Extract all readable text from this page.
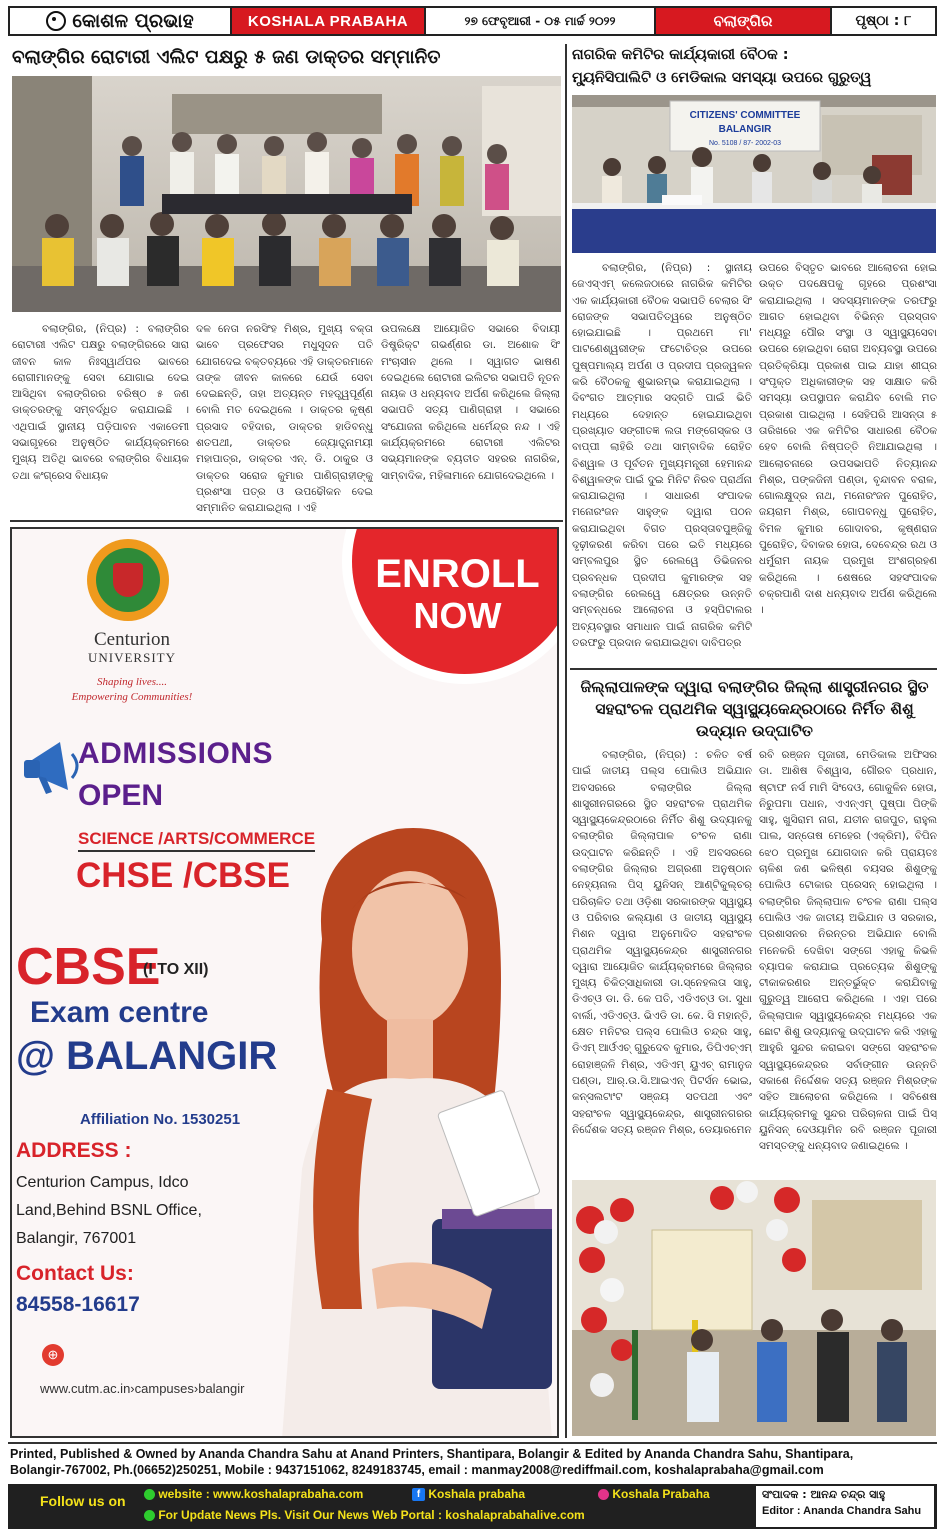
କୋଶଳ ପ୍ରଭାହ	KOSHALA PRABAHA	୨୭ ଫେବୃଆରୀ - ୦୫ ମାର୍ଚ୍ଚ ୨୦୨୨	ବଲାଙ୍ଗିର	ପୃଷ୍ଠା : ୮
ବଲାଙ୍ଗିର ରୋଟାରୀ ଏଲିଟ ପକ୍ଷରୁ ୫ ଜଣ ଡାକ୍ତର ସମ୍ମାନିତ
ବଲାଙ୍ଗିର, (ନିପ୍ର) : ବଲାଙ୍ଗିର ରୋଟାରୀ ଏଲିଟ ପକ୍ଷରୁ ବଲାଙ୍ଗିରରେ ସାରା ଜୀବନ କାଳ ନିଃସ୍ୱାର୍ଥପର ଭାବରେ ରୋଗୀମାନଙ୍କୁ ସେବା ଯୋଗାଇ ଦେଇ ଆସିଥିବା ବଲାଙ୍ଗିରର ବରିଷ୍ଠ ୫ ଜଣ ଡାକ୍ତରଙ୍କୁ ସମ୍ବର୍ଦ୍ଧିତ କରାଯାଇଛି । ଏଥିପାଇଁ ସ୍ଥାନୀୟ ପଡ଼ିପାବନ ଏକାଡେମୀ ସଭାଗୃହରେ ଅନୁଷ୍ଠିତ କାର୍ଯ୍ୟକ୍ରମରେ ମୁଖ୍ୟ ଅତିଥି ଭାବରେ ବଲାଙ୍ଗିର ବିଧାୟକ ତଥା କଂଗ୍ରେସ ବିଧାୟକ
ଦଳ ନେତା ନରସିଂହ ମିଶ୍ର, ମୁଖ୍ୟ ବକ୍ତା ଭାବେ ପ୍ରଫେସର ମଧୁସୂଦନ ପତି ଯୋଗଦେଇ ବକ୍ତବ୍ୟରେ ଏହି ଡାକ୍ତରମାନେ ତାଙ୍କ ଜୀବନ କାଳରେ ଯେଉଁ ସେବା ଦେଇଛନ୍ତି, ତାହା ଅତ୍ୟନ୍ତ ମହତ୍ତ୍ୱପୂର୍ଣ୍ଣ ବୋଲି ମତ ଦେଇଥିଲେ । ଡାକ୍ତର କୃଷ୍ଣ ପ୍ରସାଦ ବହିଦାର, ଡାକ୍ତର ହାଡିବନ୍ଧୁ ଶତପଥୀ, ଡାକ୍ତର ଜ୍ୟୋତ୍ସ୍ନାମୟୀ ମହାପାତ୍ର, ଡାକ୍ତର ଏନ୍. ଡି. ଠାକୁର ଓ ଡାକ୍ତର ସରୋଜ କୁମାର ପାଣିଗ୍ରାହୀଙ୍କୁ ପ୍ରଶଂସା ପତ୍ର ଓ ଉପଢୌକନ ଦେଇ ସମ୍ମାନିତ କରାଯାଇଥିଲା । ଏହି
ଉପଲକ୍ଷେ ଆୟୋଜିତ ସଭାରେ ବିଦାୟୀ ଡିଷ୍ଟ୍ରିକ୍ଟ ଗଭର୍ଣ୍ଣର ଡା. ଅଶୋକ ସିଂ ମଂଚାସୀନ ଥିଲେ । ସ୍ୱାଗତ ଭାଷଣ ଦେଇଥିଲେ ରୋଟାରୀ ଇଲିଟର ସଭାପତି ନୂତନ ନାୟକ ଓ ଧନ୍ୟବାଦ ଅର୍ପଣ କରିଥିଲେ ଜିଲ୍ଲା ସଭାପତି ସତ୍ୟ ପାଣିଗ୍ରାହୀ । ସଭାରେ ସଂଯୋଜନା କରିଥିଲେ ଧର୍ମେନ୍ଦ୍ର ନନ୍ଦ । ଏହି କାର୍ଯ୍ୟକ୍ରମରେ ରୋଟାରୀ ଏଲିଟର ସଭ୍ୟମାନଙ୍କ ବ୍ୟତୀତ ସହରର ନାଗରିକ, ସାମ୍ବାଦିକ, ମହିଳାମାନେ ଯୋଗଦେଇଥିଲେ ।
ନାଗରିକ କମିଟିର କାର୍ଯ୍ୟକାରୀ ବୈଠକ :
ମ୍ୟୁନିସିପାଲିଟି ଓ ମେଡିକାଲ ସମସ୍ୟା ଉପରେ ଗୁରୁତ୍ୱ
CITIZENS' COMMITTEE
BALANGIR
No. 5108 / 87- 2002-03
ବଲାଙ୍ଗିର, (ନିପ୍ର) : ସ୍ଥାନୀୟ ଜେଏସ୍ଏମ୍ କଲେଜଠାରେ ନାଗରିକ କମିଟିର ଏକ କାର୍ଯ୍ୟକାରୀ ବୈଠକ ସଭାପତି ବେଲାର ସିଂ ରୋଜଙ୍କ ସଭାପତିତ୍ୱରେ ଅନୁଷ୍ଠିତ ହୋଇଯାଇଛି । ପ୍ରଥମେ ମା' ପାଟଣେଶ୍ୱରୀଙ୍କ ଫଟୋଚିତ୍ର ଉପରେ ପୁଷ୍ପମାଲ୍ୟ ଅର୍ପଣ ଓ ପ୍ରଦୀପ ପ୍ରଜ୍ୱଳନ କରି ବୈଠକକୁ ଶୁଭାରମ୍ଭ କରାଯାଇଥିଲା । ଦିବଂଗତ ଆତ୍ମାର ସଦ୍‌ଗତି ପାଇଁ ଭିତି ମଧ୍ୟରେ ଦେହାନ୍ତ ହୋଇଯାଇଥିବା ପ୍ରଖ୍ୟାତ ସଙ୍ଗୀତଜ୍ଞ ଲତା ମଙ୍ଗେସ୍କର ଓ ବାପ୍ପୀ ଲାହିରି ତଥା ସାମ୍ବାଦିକ ରୋହିତ ବିଶ୍ୱାଳ ଓ ପୂର୍ବତନ ମୁଖ୍ୟମନ୍ତ୍ରୀ ହେମାନନ୍ଦ ବିଶ୍ୱାଳଙ୍କ ପାଇଁ ଦୁଇ ମିନିଟ ନିରବ ପ୍ରାର୍ଥନା କରାଯାଇଥିଲା । ସାଧାରଣ ସଂପାଦକ ମନୋରଂଜନ ସାହୁଙ୍କ ଦ୍ୱାରା ପଠନ କରାଯାଇଥିବା ବିଗତ ପ୍ରସ୍ତାବପୁଞ୍ଜିକୁ ଦୃଢ଼ୀକରଣ କରିବା ପରେ ଇତି ମଧ୍ୟରେ ସମ୍ବଲପୁର ସ୍ଥିତ ରେଲୱେ ଡିଭିଜନର ପ୍ରବନ୍ଧକ ପ୍ରଦୀପ କୁମାରଙ୍କ ସହ ବଲାଙ୍ଗିର ରେଲୱେ କ୍ଷେତ୍ରର ଉନ୍ନତି ସମ୍ବନ୍ଧରେ ଆଲୋଚନା ଓ ହସ୍ପିଟାଲର ଅବ୍ୟବସ୍ଥାର ସମାଧାନ ପାଇଁ ନାଗରିକ କମିଟି ତରଫରୁ ପ୍ରଦାନ କରାଯାଇଥିବା ଦାବିପତ୍ର
ଉପରେ ବିସ୍ତୃତ ଭାବରେ ଆଲୋଚନା ହୋଇ ଉକ୍ତ ପଦକ୍ଷେପକୁ ଗୃହରେ ପ୍ରଶଂସା କରାଯାଇଥିଲା । ସଦସ୍ୟମାନଙ୍କ ତରଫରୁ ଆଗତ ହୋଇଥିବା ବିଭିନ୍ନ ପ୍ରସ୍ତାବ ମଧ୍ୟରୁ ପୌର ସଂସ୍ଥା ଓ ସ୍ୱାସ୍ଥ୍ୟସେବା ଉପରେ ହୋଇଥିବା ରୋଗ ଅବ୍ୟବସ୍ଥା ଉପରେ ପ୍ରତିକ୍ରିୟା ପ୍ରକାଶ ପାଇ ଯାହା ଶୀଘ୍ର ସଂପୃକ୍ତ ଅଧିକାରୀଙ୍କ ସହ ସାକ୍ଷାତ କରି ସମସ୍ୟା ଉପସ୍ଥାପନ କରାଯିବ ବୋଲି ମତ ପ୍ରକାଶ ପାଇଥିଲା । ସେହିପରି ଆସନ୍ତା ୫ ତାରିଖରେ ଏକ କମିଟିର ସାଧାରଣ ବୈଠକ ହେବ ବୋଲି ନିଷ୍ପତ୍ତି ନିଆଯାଇଥିଲା । ଆଲୋଚନାରେ ଉପସଭାପତି ନିତ୍ୟାନନ୍ଦ ମିଶ୍ର, ପଙ୍କଜିନୀ ପଣ୍ଡା, ବୃନ୍ଦାବନ ବରାଳ, ଗୋଲକ୍ଷୁଦ୍ର ନାଥ, ମନୋରଂଜନ ପୁରୋହିତ, ଜୟରାମ ମିଶ୍ର, ଗୋପବନ୍ଧୁ ପୁରୋହିତ, ବିମଳ କୁମାର ଗୋଦାବର, କୃଷ୍ଣରାଜ ପୁରୋହିତ, ଦିବାକର ହୋତା, ଦେବେନ୍ଦ୍ର ରଥ ଓ ଧର୍ମୁରାମ ନାୟକ ପ୍ରମୁଖ ଅଂଶଗ୍ରହଣ କରିଥିଲେ । ଶେଷରେ ସହସଂପାଦକ ଚକ୍ରପାଣି ଦାଶ ଧନ୍ୟବାଦ ଅର୍ପଣ କରିଥିଲେ ।
ଜିଲ୍ଲାପାଳଙ୍କ ଦ୍ୱାରା ବଲାଙ୍ଗିର ଜିଲ୍ଲା ଶାସ୍ତ୍ରୀନଗର ସ୍ଥିତ ସହରାଂଚଳ ପ୍ରାଥମିକ ସ୍ୱାସ୍ଥ୍ୟକେନ୍ଦ୍ରଠାରେ ନିର୍ମିତ ଶିଶୁ ଉଦ୍ୟାନ ଉଦ୍‌ଘାଟିତ
ବଲାଙ୍ଗିର, (ନିପ୍ର) : ଚଳିତ ବର୍ଷ ପାଇଁ ଜାତୀୟ ପଲ୍ସ ପୋଲିଓ ଅଭିଯାନ ଅବସରରେ ବଲାଙ୍ଗିର ଜିଲ୍ଲା ଶାସ୍ତ୍ରୀନଗରରେ ସ୍ଥିତ ସହରାଂଚଳ ପ୍ରାଥମିକ ସ୍ୱାସ୍ଥ୍ୟକେନ୍ଦ୍ରଠାରେ ନିର୍ମିତ ଶିଶୁ ଉଦ୍ୟାନକୁ ବଲାଙ୍ଗିର ଜିଲ୍ଲାପାଳ ଚଂଚଳ ରାଣା ଉଦ୍‌ଘାଟନ କରିଛନ୍ତି । ଏହି ଅବସରରେ ବଲାଙ୍ଗିର ଜିଲ୍ଲାର ଅଗ୍ରଣୀ ଅନୁଷ୍ଠାନ ନେହ୍ୟନାଲ ପିସ୍ ୟୁନିସନ୍ ଆଣ୍ଟିକୁଲ୍ଚର୍ ପରିଚାଳିତ ତଥା ଓଡ଼ିଶା ସରକାରଙ୍କ ସ୍ୱାସ୍ଥ୍ୟ ଓ ପରିବାର କଲ୍ୟାଣ ଓ ଜାତୀୟ ସ୍ୱାସ୍ଥ୍ୟ ମିଶନ ଦ୍ୱାରା ଅନୁମୋଦିତ ସହରାଂଚଳ ପ୍ରାଥମିକ ସ୍ୱାସ୍ଥ୍ୟକେନ୍ଦ୍ର ଶାସ୍ତ୍ରୀନଗର ଦ୍ୱାରା ଆୟୋଜିତ କାର୍ଯ୍ୟକ୍ରମରେ ଜିଲ୍ଲାର ମୁଖ୍ୟ ଚିକିତ୍ସାଧିକାରୀ ଡା.ସ୍ନେହଲତା ସାହୁ, ଡିଏଚ୍ଓ ଡା. ଡି. କେ ପତି, ଏଡିଏଚ୍ଓ ଡା. ସୁଧା ବାର୍ଲା, ଏଡିଏଚ୍ଓ. ଭିଏଡି ଡା. କେ. ସି ମହାନ୍ତି, କ୍ଷେତ ମନିଟର ପଲ୍ସ ପୋଲିଓ ଚନ୍ଦ୍ର ସାହୁ, ଡିଏମ୍ ଆର୍ଓଏଚ୍ ଗୁରୁଦେବ କୁମାର, ଡିପିଏଚ୍ଏମ୍ ରୋହାଞ୍ଜଳି ମିଶ୍ର, ଏଡିଏମ୍ ୟୁଏଚ୍ ରାମାନୁଜ ପଣ୍ଡା, ଆର୍.ଉ.ସି.ଆଇଏନ୍ ପିଟର୍ସନ ଭୋଇ, କନ୍ସଲଟାଂଟ ସଞ୍ଜୟ ସତପଥୀ ଏବଂ ସହରାଂଚଳ ସ୍ୱାସ୍ଥ୍ୟକେନ୍ଦ୍ର, ଶାସ୍ତ୍ରୀନଗରର ନିର୍ଦ୍ଦେଶକ ସତ୍ୟ ରଞ୍ଜନ ମିଶ୍ର, ଡେୟାରମେନ
ରବି ରଞ୍ଜନ ପୂଜାରୀ, ମେଡିକାଲ ଅଫିସର ଡା. ଆଶିଷ ବିଶ୍ୱାସ, ଗୌରବ ପ୍ରଧାନ, ଷ୍ଟାଫ ନର୍ସ ମାମି ସିଂଦେଓ, ଗୋକୁଳିନ ହୋତା, ନିରୁପମା ପଧାନ, ଏଏନ୍ଏମ୍ ପୁଷ୍ପା ପିଙ୍କି ସାହୁ, ଖୁସିରାମ ନାଗ, ଯତୀନ ରାଜପୁତ, ରାହୁଲ ପାଲ, ସନ୍ତୋଷ ମେହେର (ଏକ୍ରିମ), ବିପିନ ଝେଠ ପ୍ରମୁଖ ଯୋଗଦାନ କରି ପ୍ରାୟତଃ ଚାଳିଶ ଜଣ ଭଳିଷ୍ଣ ବୟସର ଶିଶୁଙ୍କୁ ପୋଲିଓ ଟୋକାର ପ୍ରେସନ୍ ହୋଇଥିଲା । ବଲାଙ୍ଗିର ଜିଲ୍ଲାପାଳ ଚଂଚଳ ରାଣା ପଲ୍ସ ପୋଲିଓ ଏକ ଜାତୀୟ ଅଭିଯାନ ଓ ସରକାର, ପ୍ରଶାସନର ନିରନ୍ତର ଅଭିଯାନ ବୋଲି ମନେକରି ଦେଖିବା ସଙ୍ଗେ ଏହାକୁ କିଭଳି ବ୍ୟାପକ କରାଯାଇ ପ୍ରତ୍ୟେକ ଶିଶୁଙ୍କୁ ଟୀକାକରଣର ଅନ୍ତର୍ଭୁକ୍ତ କରାଯିବାକୁ ଗୁରୁତ୍ୱ ଆରୋପ କରିଥିଲେ । ଏହା ପରେ ଜିଲ୍ଲାପାଳ ସ୍ୱାସ୍ଥ୍ୟକେନ୍ଦ୍ର ମଧ୍ୟରେ ଏକ ଛୋଟ ଶିଶୁ ଉଦ୍ୟାନକୁ ଉଦ୍‌ଘାଟନ କରି ଏହାକୁ ଆହୁରି ସୁନ୍ଦର କରାଇବା ସଙ୍ଗେ ସହରାଂଚଳ ସ୍ୱାସ୍ଥ୍ୟକେନ୍ଦ୍ରର ସର୍ବାଙ୍ଗୀନ ଉନ୍ନତି ସକାଶେ ନିର୍ଦ୍ଦେଶକ ସତ୍ୟ ରଞ୍ଜନ ମିଶ୍ରଙ୍କ ସହିତ ଆଲୋଚନା କରିଥିଲେ । ସବିଶେଷ କାର୍ଯ୍ୟକ୍ରମକୁ ସୁନ୍ଦର ପରିଚାଳନା ପାଇଁ ପିସ୍ ୟୁନିସନ୍ ଦେଓୟାମିନ ରବି ରଞ୍ଜନ ପୂଜାରୀ ସମସ୍ତଙ୍କୁ ଧନ୍ୟବାଦ ଜଣାଇଥିଲେ ।
ENROLL
NOW
Centurion
UNIVERSITY
Shaping lives....
Empowering Communities!
ADMISSIONS
OPEN
SCIENCE /ARTS/COMMERCE
CHSE /CBSE
CBSE
(I TO XII)
Exam centre
@ BALANGIR
Affiliation No. 1530251
ADDRESS :
Centurion Campus, Idco
Land,Behind BSNL Office,
Balangir, 767001
Contact Us:
84558-16617
⊕
www.cutm.ac.in›campuses›balangir
Printed, Published & Owned by Ananda Chandra Sahu at Anand Printers, Shantipara, Bolangir & Edited by Ananda Chandra Sahu, Shantipara,
Bolangir-767002, Ph.(06652)250251, Mobile : 9437151062, 8249183745, email : manmay2008@rediffmail.com, koshalaprabaha@gmail.com
Follow us on	website : www.koshalaprabaha.com	f Koshala prabaha	Koshala Prabaha
For Update News Pls. Visit Our News Web Portal : koshalaprabahalive.com
ସଂପାଦକ : ଆନନ୍ଦ ଚନ୍ଦ୍ର ସାହୁ
Editor : Ananda Chandra Sahu
